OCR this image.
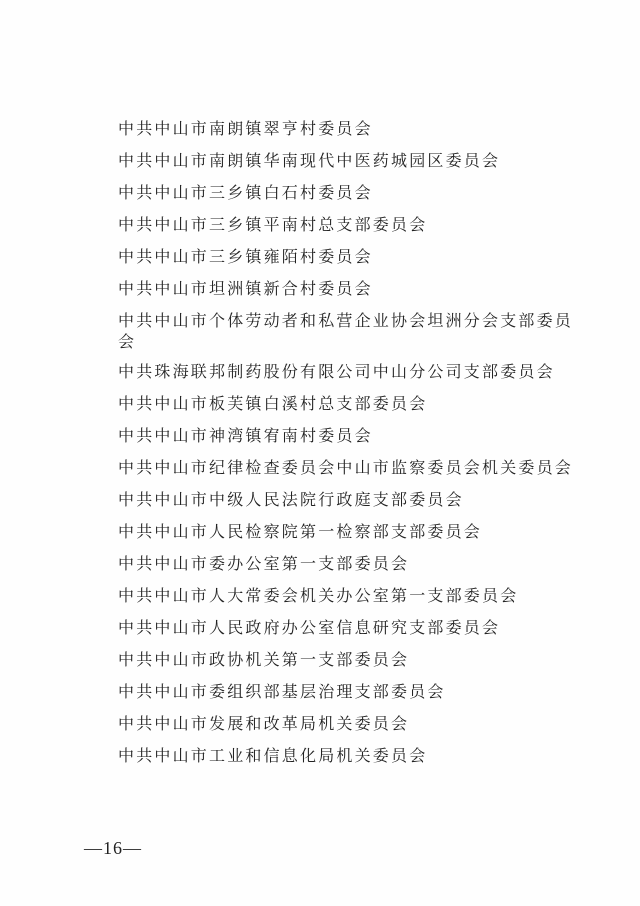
中共中山市南朗镇翠亨村委员会
中共中山市南朗镇华南现代中医药城园区委员会
中共中山市三乡镇白石村委员会
中共中山市三乡镇平南村总支部委员会
中共中山市三乡镇雍陌村委员会
中共中山市坦洲镇新合村委员会
中共中山市个体劳动者和私营企业协会坦洲分会支部委员会
中共珠海联邦制药股份有限公司中山分公司支部委员会
中共中山市板芙镇白溪村总支部委员会
中共中山市神湾镇宥南村委员会
中共中山市纪律检查委员会中山市监察委员会机关委员会
中共中山市中级人民法院行政庭支部委员会
中共中山市人民检察院第一检察部支部委员会
中共中山市委办公室第一支部委员会
中共中山市人大常委会机关办公室第一支部委员会
中共中山市人民政府办公室信息研究支部委员会
中共中山市政协机关第一支部委员会
中共中山市委组织部基层治理支部委员会
中共中山市发展和改革局机关委员会
中共中山市工业和信息化局机关委员会
—16—
